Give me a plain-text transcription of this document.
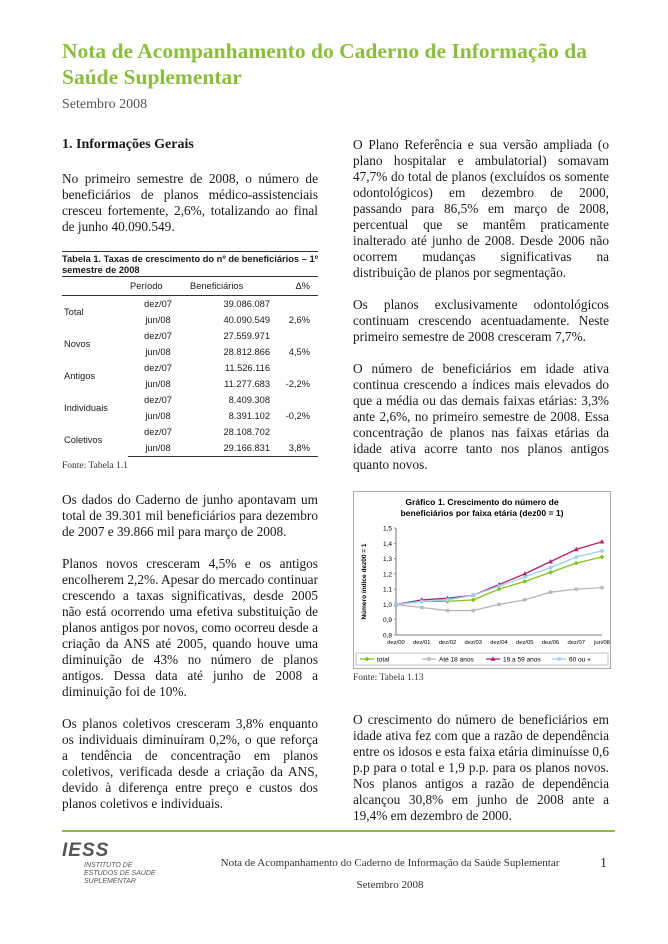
Nota de Acompanhamento do Caderno de Informação da Saúde Suplementar
Setembro 2008

1. Informações Gerais

No primeiro semestre de 2008, o número de beneficiários de planos médico-assistenciais cresceu fortemente, 2,6%, totalizando ao final de junho 40.090.549.

Tabela 1. Taxas de crescimento do nº de beneficiários – 1º semestre de 2008
	Período	Beneficiários	Δ%
Total	dez/07	39.086.087	
	jun/08	40.090.549	2,6%
Novos	dez/07	27.559.971	
	jun/08	28.812.866	4,5%
Antigos	dez/07	11.526.116	
	jun/08	11.277.683	-2,2%
Individuais	dez/07	8.409.308	
	jun/08	8.391.102	-0,2%
Coletivos	dez/07	28.108.702	
	jun/08	29.166.831	3,8%
Fonte: Tabela 1.1

Os dados do Caderno de junho apontavam um total de 39.301 mil beneficiários para dezembro de 2007 e 39.866 mil para março de 2008.

Planos novos cresceram 4,5% e os antigos encolherem 2,2%. Apesar do mercado continuar crescendo a taxas significativas, desde 2005 não está ocorrendo uma efetiva substituição de planos antigos por novos, como ocorreu desde a criação da ANS até 2005, quando houve uma diminuição de 43% no número de planos antigos. Dessa data até junho de 2008 a diminuição foi de 10%.

Os planos coletivos cresceram 3,8% enquanto os individuais diminuíram 0,2%, o que reforça a tendência de concentração em planos coletivos, verificada desde a criação da ANS, devido à diferença entre preço e custos dos planos coletivos e individuais.

O Plano Referência e sua versão ampliada (o plano hospitalar e ambulatorial) somavam 47,7% do total de planos (excluídos os somente odontológicos) em dezembro de 2000, passando para 86,5% em março de 2008, percentual que se mantêm praticamente inalterado até junho de 2008. Desde 2006 não ocorrem mudanças significativas na distribuição de planos por segmentação.

Os planos exclusivamente odontológicos continuam crescendo acentuadamente. Neste primeiro semestre de 2008 cresceram 7,7%.

O número de beneficiários em idade ativa continua crescendo a índices mais elevados do que a média ou das demais faixas etárias: 3,3% ante 2,6%, no primeiro semestre de 2008. Essa concentração de planos nas faixas etárias da idade ativa acorre tanto nos planos antigos quanto novos.

Gráfico 1. Crescimento do número de
beneficiários por faixa etária (dez00 = 1)
0,8
0,9
1,0
1,1
1,2
1,3
1,4
1,5
dez/00 dez/01 dez/02 dez/03 dez/04 dez/05 dez/06 dez/07 jun/08
Número índice dez00 = 1
total	Até 18 anos	19 a 59 anos	60 ou +
Fonte: Tabela 1.13

O crescimento do número de beneficiários em idade ativa fez com que a razão de dependência entre os idosos e esta faixa etária diminuísse 0,6 p.p para o total e 1,9 p.p. para os planos novos. Nos planos antigos a razão de dependência alcançou 30,8% em junho de 2008 ante a 19,4% em dezembro de 2000.

IESS
INSTITUTO DE ESTUDOS DE SAÚDE SUPLEMENTAR
Nota de Acompanhamento do Caderno de Informação da Saúde Suplementar
Setembro 2008
1
